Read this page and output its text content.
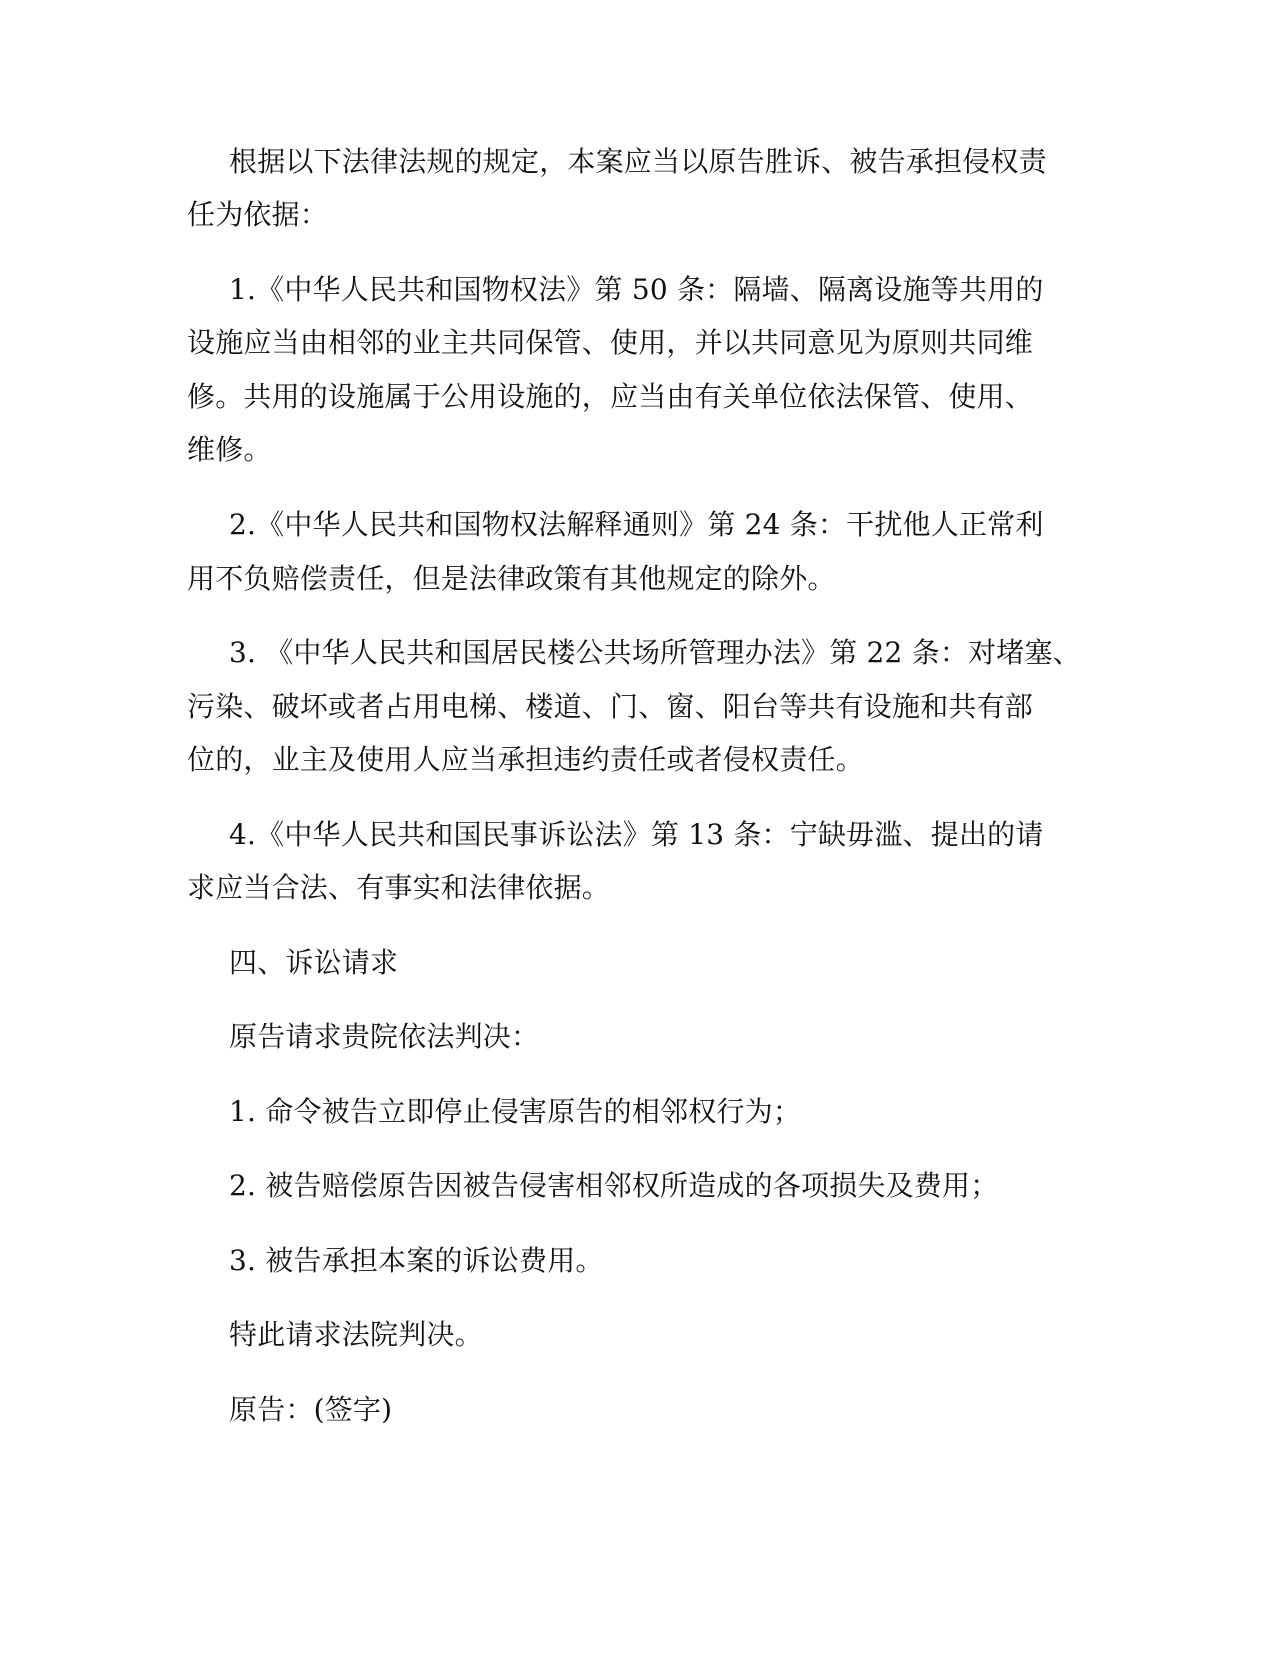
根据以下法律法规的规定，本案应当以原告胜诉、被告承担侵权责
任为依据：
1.《中华人民共和国物权法》第 50 条：隔墙、隔离设施等共用的
设施应当由相邻的业主共同保管、使用，并以共同意见为原则共同维
修。共用的设施属于公用设施的，应当由有关单位依法保管、使用、
维修。
2.《中华人民共和国物权法解释通则》第 24 条：干扰他人正常利
用不负赔偿责任，但是法律政策有其他规定的除外。
3. 《中华人民共和国居民楼公共场所管理办法》第 22 条：对堵塞、
污染、破坏或者占用电梯、楼道、门、窗、阳台等共有设施和共有部
位的，业主及使用人应当承担违约责任或者侵权责任。
4.《中华人民共和国民事诉讼法》第 13 条：宁缺毋滥、提出的请
求应当合法、有事实和法律依据。
四、诉讼请求
原告请求贵院依法判决：
1. 命令被告立即停止侵害原告的相邻权行为；
2. 被告赔偿原告因被告侵害相邻权所造成的各项损失及费用；
3. 被告承担本案的诉讼费用。
特此请求法院判决。
原告：(签字)
